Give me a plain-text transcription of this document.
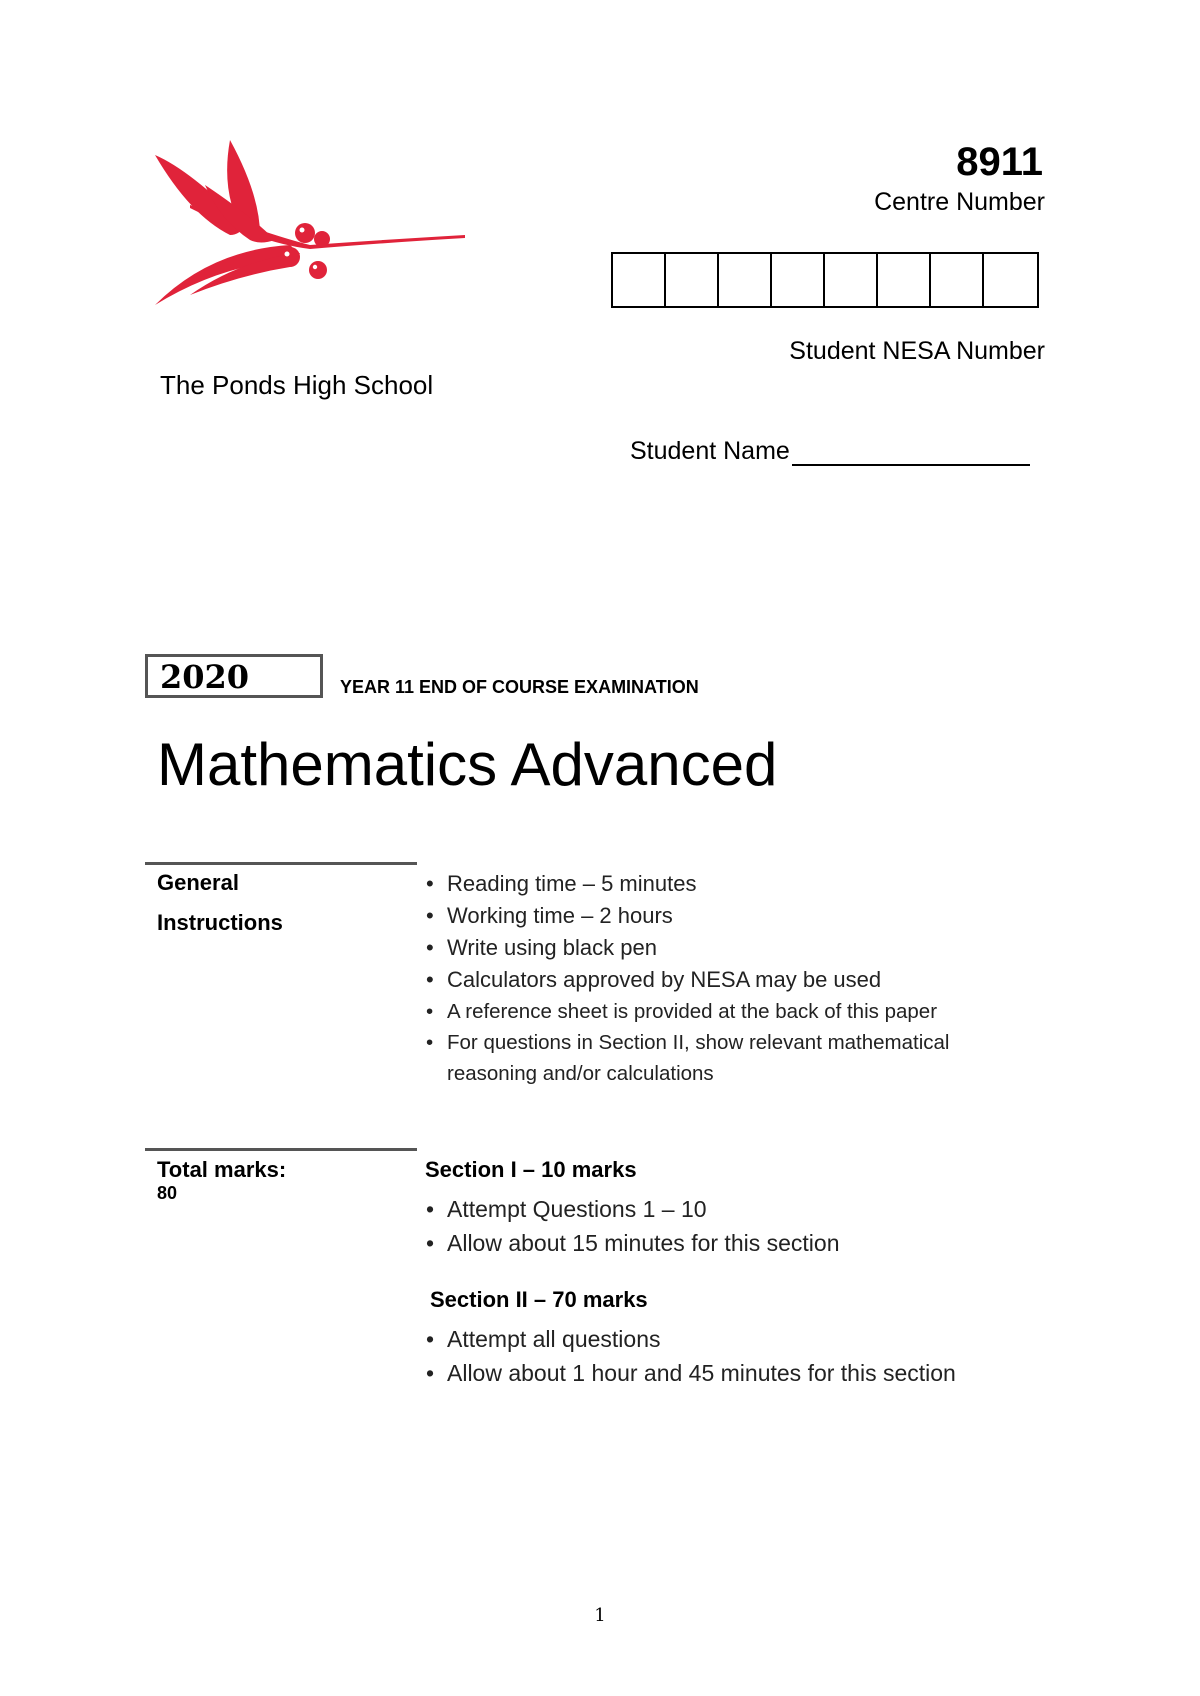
The Ponds High School
8911
Centre Number
Student NESA Number
Student Name
2020	YEAR 11 END OF COURSE EXAMINATION
Mathematics Advanced
General
Instructions
• Reading time – 5 minutes
• Working time – 2 hours
• Write using black pen
• Calculators approved by NESA may be used
• A reference sheet is provided at the back of this paper
• For questions in Section II, show relevant mathematical reasoning and/or calculations
Total marks:
80
Section I – 10 marks
• Attempt Questions 1 – 10
• Allow about 15 minutes for this section
Section II – 70 marks
• Attempt all questions
• Allow about 1 hour and 45 minutes for this section
1
